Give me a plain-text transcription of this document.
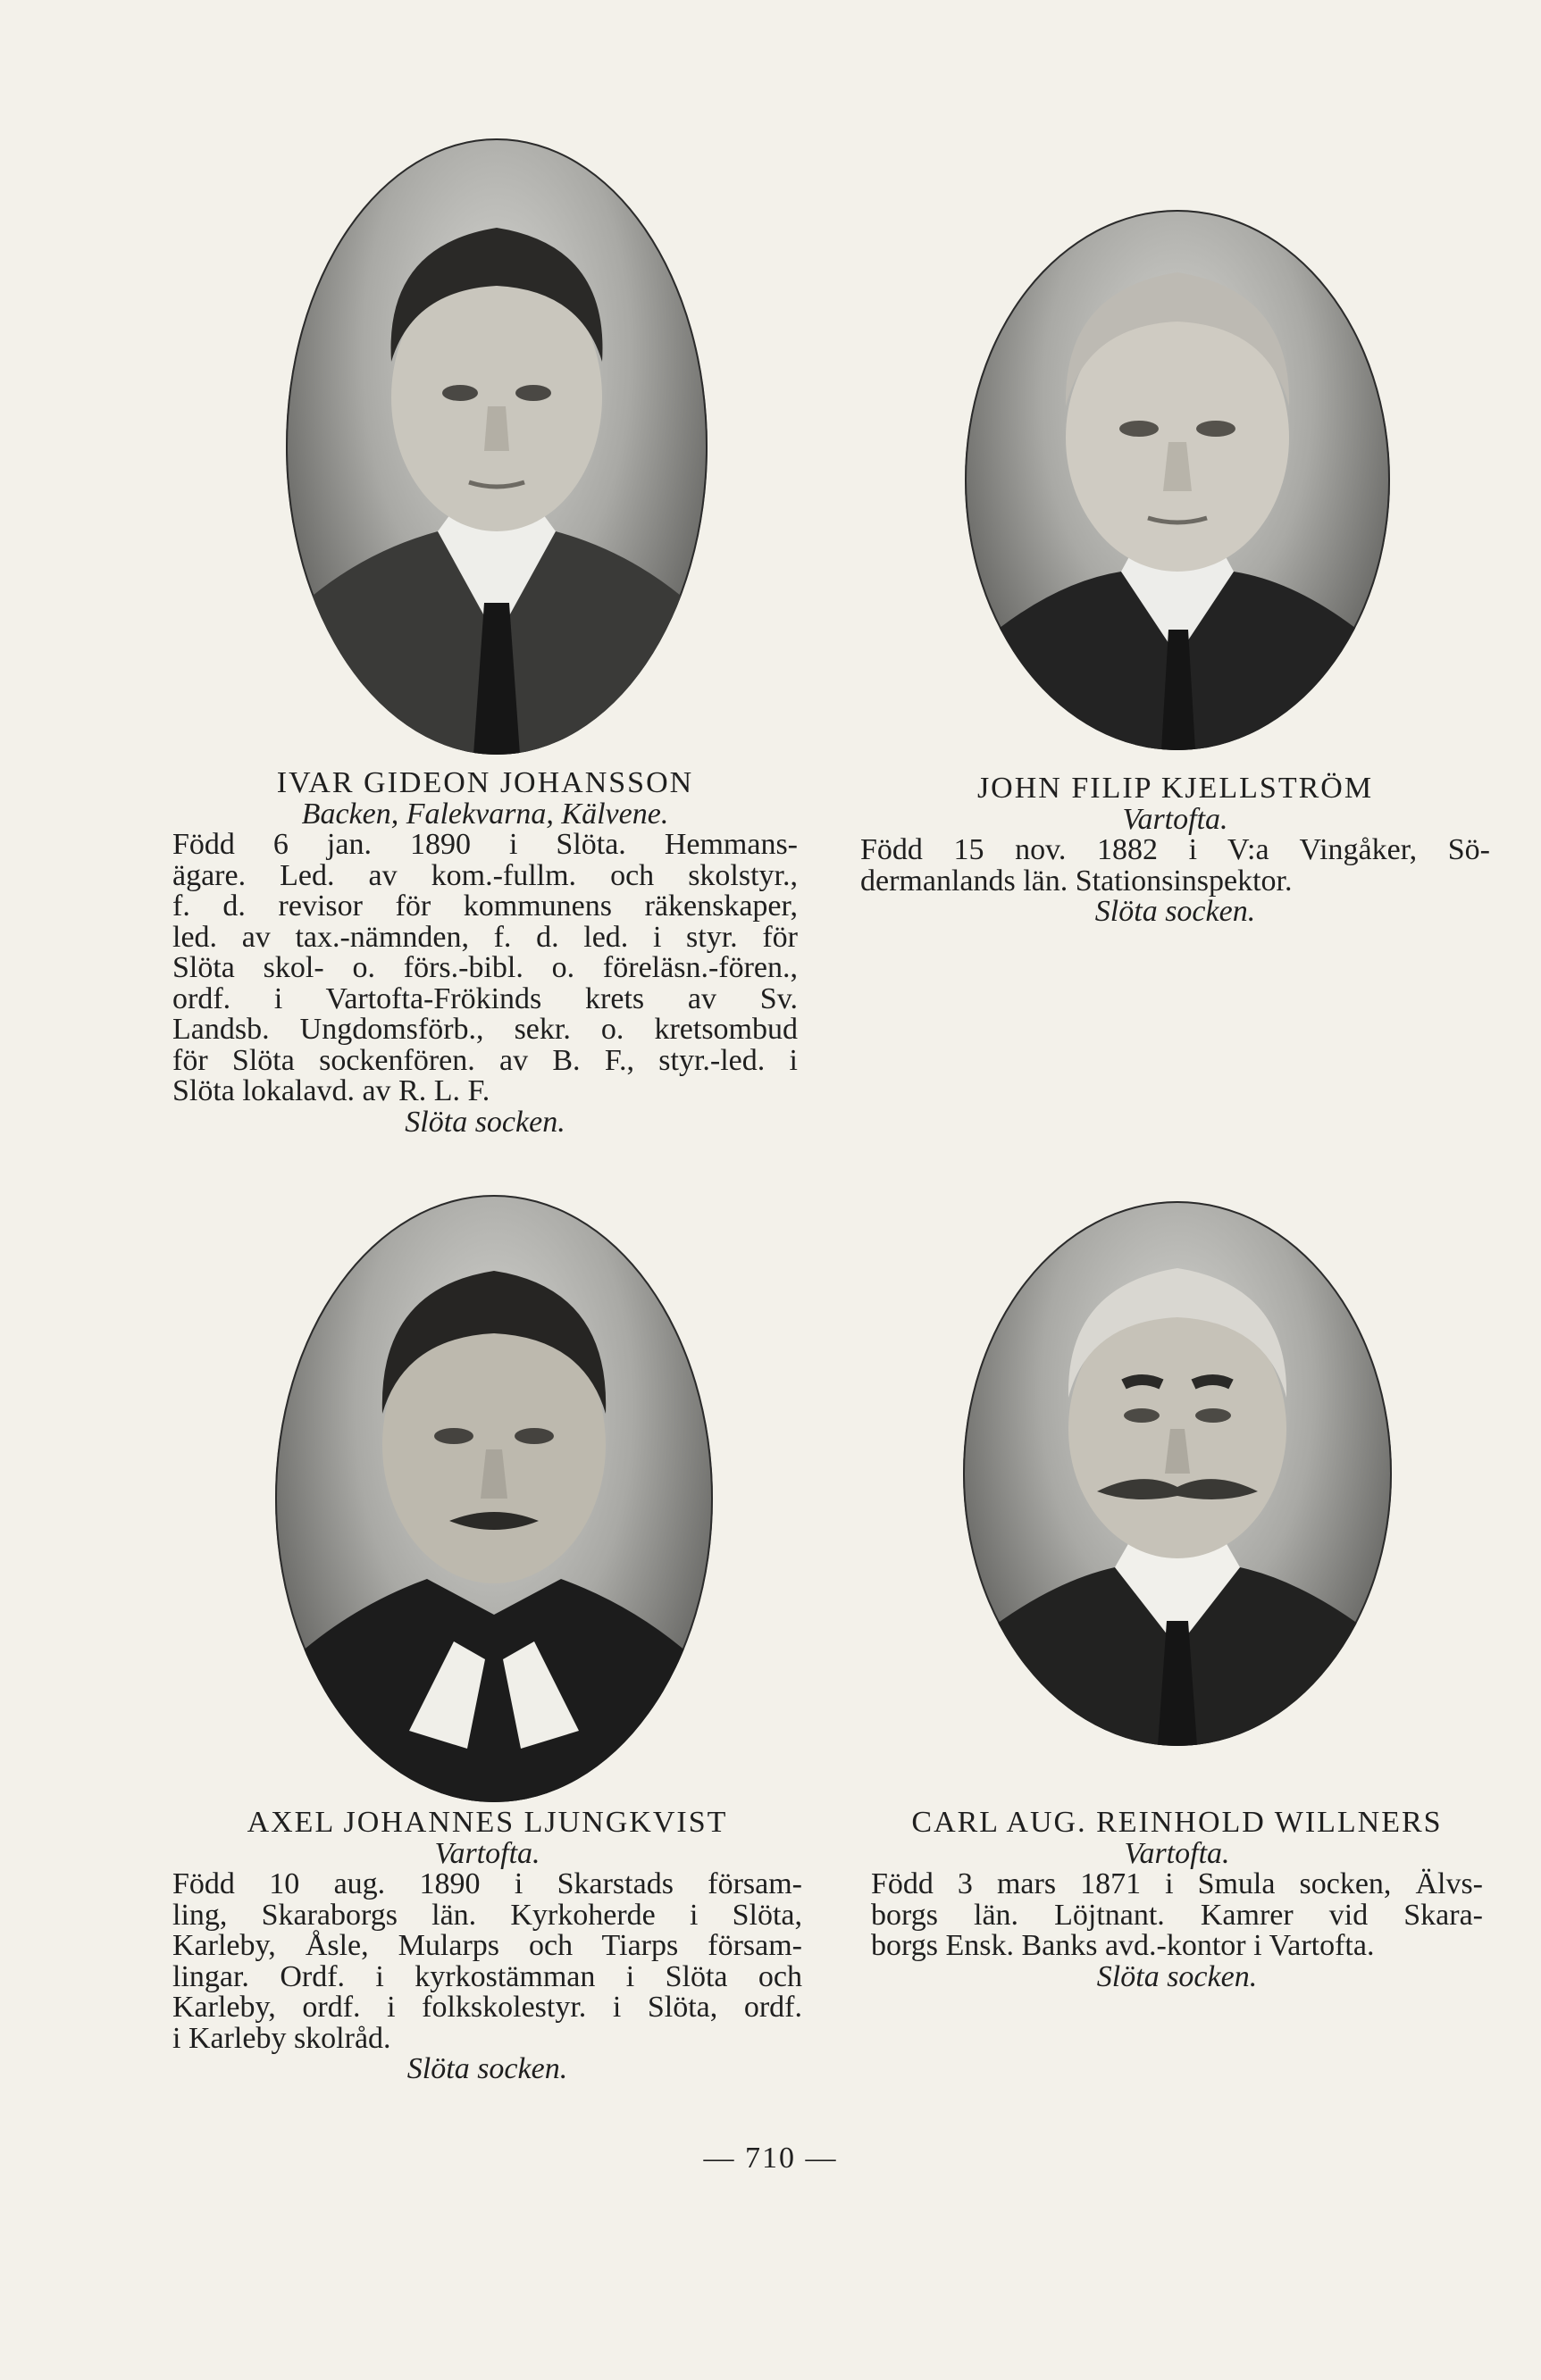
IVAR GIDEON JOHANSSON
Backen, Falekvarna, Kälvene.
Född 6 jan. 1890 i Slöta. Hemmans-
ägare. Led. av kom.-fullm. och skolstyr.,
f. d. revisor för kommunens räkenskaper,
led. av tax.-nämnden, f. d. led. i styr. för
Slöta skol- o. förs.-bibl. o. föreläsn.-fören.,
ordf. i Vartofta-Frökinds krets av Sv.
Landsb. Ungdomsförb., sekr. o. kretsombud
för Slöta sockenfören. av B. F., styr.-led. i
Slöta lokalavd. av R. L. F.
Slöta socken.
JOHN FILIP KJELLSTRÖM
Vartofta.
Född 15 nov. 1882 i V:a Vingåker, Sö-
dermanlands län. Stationsinspektor.
Slöta socken.
AXEL JOHANNES LJUNGKVIST
Vartofta.
Född 10 aug. 1890 i Skarstads försam-
ling, Skaraborgs län. Kyrkoherde i Slöta,
Karleby, Åsle, Mularps och Tiarps försam-
lingar. Ordf. i kyrkostämman i Slöta och
Karleby, ordf. i folkskolestyr. i Slöta, ordf.
i Karleby skolråd.
Slöta socken.
CARL AUG. REINHOLD WILLNERS
Vartofta.
Född 3 mars 1871 i Smula socken, Älvs-
borgs län. Löjtnant. Kamrer vid Skara-
borgs Ensk. Banks avd.-kontor i Vartofta.
Slöta socken.
— 710 —
